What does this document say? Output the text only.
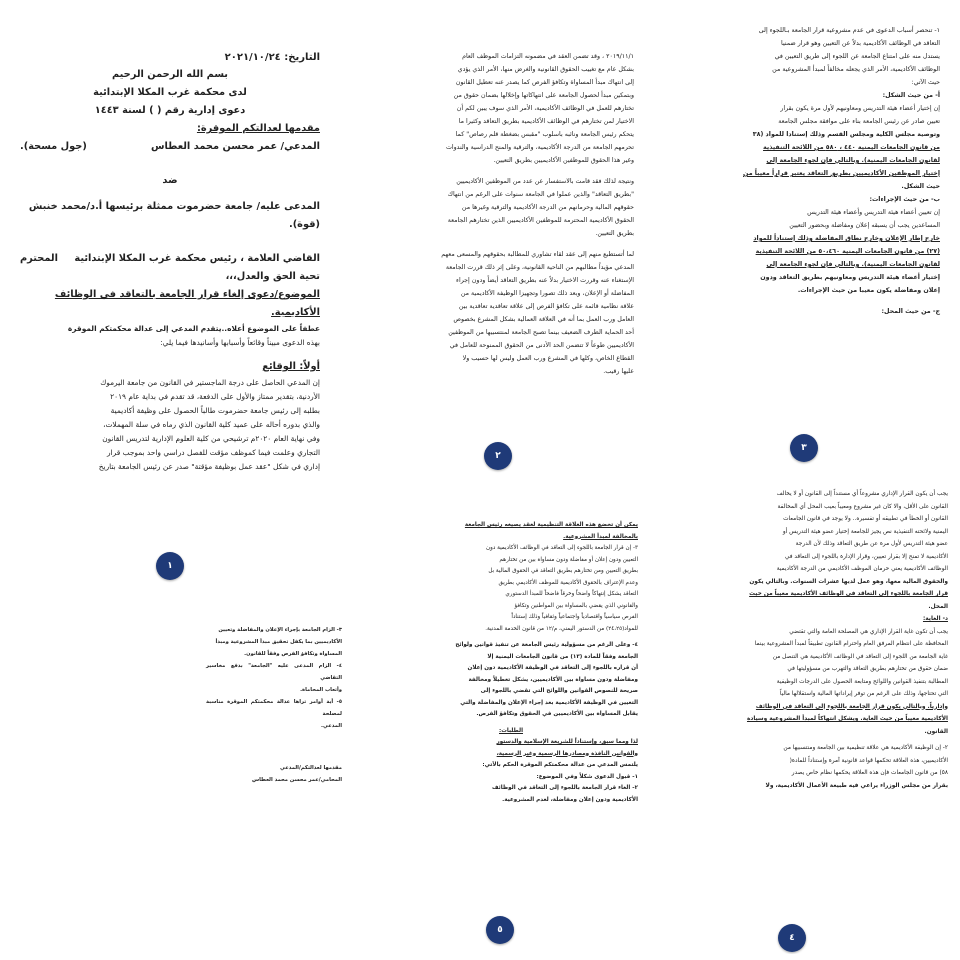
التاريخ: ٢٠٢١/١٠/٢٤

بسم الله الرحمن الرحيم

لدى محكمة غرب المكلا الإبتدائية

دعوى إدارية رقم ( ) لسنة ١٤٤٣

مقدمها لعدالتكم الموقرة:

المدعي/ عمر محسن محمد العطاس

(جول مسحة).

ضد

المدعى عليه/ جامعة حضرموت ممثلة برئيسها أ.د/محمد خنبش (قوة).

القاضي العلامة ، رئيس محكمة غرب المكلا الإبتدائية

المحترم

تحية الحق والعدل،،،

الموضوع/دعوى إلغاء قرار الجامعة بالتعاقد في الوظائف الأكاديمية.

عطفاً على الموضوع أعلاه..يتقدم المدعي إلى عدالة محكمتكم الموقرة

بهذه الدعوى مبيناً وقائعاً وأسبابها وأسانيدها فيما يلي:

أولاً: الوقائع

إن المدعي الحاصل على درجة الماجستير في القانون من جامعة اليرموك

الأردنية، بتقدير ممتاز والأول على الدفعة، قد تقدم في بداية عام ٢٠١٩

بطلبه إلى رئيس جامعة حضرموت طالباً الحصول على وظيفة أكاديمية

والذي بدوره أحاله على عميد كلية القانون الذي رماه في سلة المهملات،

وفي نهاية العام ٢٠٢٠م ترشيحي من كلية العلوم الإدارية لتدريس القانون

التجاري وعلمت فيما كموظف مؤقت للفصل دراسي واحد بموجب قرار

إداري في شكل "عقد عمل بوظيفة مؤقتة" صدر عن رئيس الجامعة بتاريخ

١

٢٠١٩/١١/١ ، وقد تضمن العقد في مضمونه التزامات الموظف العام

بشكل عام مع تغييب الحقوق القانونية والغرض منها، الأمر الذي يؤدي

إلى انتهاك مبدأ المساواة وتكافؤ الفرص كما يصدر عنه تعطيل القانون

وبتمكين مبدأ لحصول الجامعة على انتهاكاتها وإخلالها بضمان حقوق من

تختارهم للعمل في الوظائف الأكاديمية، الأمر الذي سوف يبين لكم أن

الاختيار لمن تختارهم في الوظائف الأكاديمية بطريق التعاقد وكثيرا ما

يتحكم رئيس الجامعة ونائبه باسلوب "مقبس بضغطة قلم رصاص" كما

تحرمهم الجامعة من الدرجة الأكاديمية، والترقية والمنح الدراسية والندوات

وغير هذا الحقوق للموظفين الأكاديميين بطريق التعيين.

ونتيجة لذلك فقد قامت بالاستفسار عن عدد من الموظفين الأكاديميين

"بطريق التعاقد" والذين عملوا في الجامعة سنوات على الرغم من انتهاك

حقوقهم المالية وحرمانهم من الدرجة الأكاديمية والترقية وغيرها من

الحقوق الأكاديمية المحترمة للموظفين الأكاديميين الذين تختارهم الجامعة

بطريق التعيين.

لما أتستطيع منهم إلى عقد لقاء تشاوري للمطالبة بحقوقهم والمسعى معهم

المدعي مؤيداً مطالبهم من الناحية القانونية، وعلى إثر ذلك قررت الجامعة

الإستغناء عنه وقررت الاختيار بدلاً عنه بطريق التعاقد أيضاً ودون إجراء

المفاضلة أو الإعلان، وبعد ذلك تصورا وتجهيزا الوظيفة الأكاديمية من

علاقة نظامية قائمة على تكافؤ الفرص إلى علاقة تعاقدية تعاقدية بين

العامل ورب العمل بما أنه في العلاقة العمالية بشكل المشرع بخصوص

أحد الحماية الطرف الضعيف بينما تصبح الجامعة لمنتسبيها من الموظفين

الأكاديميين طوعاً لا تتضمن الحد الأدنى من الحقوق الممنوحة للعامل في

القطاع الخاص، وكلها في المشرع ورب العمل وليس لها حسيب ولا

عليها رقيب.

٢

١- تنحصر أسباب الدعوى في عدم مشروعية قرار الجامعة بـاللجوء إلى

التعاقد في الوظائف الأكاديمية بدلاً عن التعيين وهو قرار ضمنيا

يستدل منه على امتناع الجامعة عن اللجوء إلى طريق التعيين في

الوظائف الأكاديمية، الأمر الذي يجعله مخالفاً لمبدأ المشروعية من

حيث الآتي:

أ- من حيث الشكل:

إن إختيار أعضاء هيئة التدريس ومعاونيهم لأول مرة يكون بقرار

تعيين صادر عن رئيس الجامعة بناء على موافقة مجلس الجامعة

وتوصية مجلس الكلية ومجلس القسم وذلك إستنادا للمواد (٣٨

من قانون الجامعات اليمنية ٤٤٠ ، ٥٨٠ من اللائحة التنفيذية

لقانون الجامعات اليمنية). وبالتالي فإن لجوء الجامعة إلى

إختيار الموظفين الأكاديميين بطريق التعاقد يعتبر قراراً معيباً من

حيث الشكل.

ب- من حيث الإجراءات:

إن تعيين أعضاء هيئة التدريس وأعضاء هيئة التدريس

المساعدين يجب أن يسبقه إعلان ومفاضلة وبحضور التعيين

خارج إطار الإعلان وخارج نطاق المفاضلة وذلك إستناداً للمواد

(٢٧) من قانون الجامعات اليمنية ٥٠،٤٦٠ من اللائحة التنفيذية

لقانون الجامعات اليمنية). وبالتالي فإن لجوء الجامعة إلى

إختيار أعضاء هيئة التدريس ومعاونيهم بطريق التعاقد ودون

إعلان ومفاضلة يكون معيبا من حيث الإجراءات.

ج- من حيث المحل:

٣

٣- الزام الجامعة بإجراء الإعلان والمفاضلة وتعيين

الأكاديميين بما يكفل تحقيق مبدأ المشروعية ومبدأ

المساواة وتكافؤ الفرص وفقاً للقانون.

٤- الزام المدعى عليه "الجامعة" بدفع مخاسير التقاضي

وأتعاب المحاماة.

٥- أية أوامر تراها عدالة محكمتكم الموقرة مناسبة لمصلحة

المدعي.

مقدمها لعدالتكم/المدعي

المحامي/عمر محسن محمد العطاس

يمكن أن تخضع هذه العلاقة التنظيمية لعقد يصيغه رئيس الجامعة

بالمخالفة لمبدأ المشروعية.

٣- إن قرار الجامعة باللجوء إلى التعاقد في الوظائف الأكاديمية دون

التعيين ودون إعلان أو مفاضلة ودون مساواة بين من تختارهم

بطريق التعيين ومن تختارهم بطريق التعاقد في الحقوق المالية بل

وعدم الإعتراف بالحقوق الأكاديمية للموظف الأكاديمي بطريق

التعاقد يشكل إنتهاكاً واضحاً وخرقاً فاضحاً للمبدأ الدستوري

والقانوني الذي يقضي بالمساواة بين المواطنين وتكافؤ

الفرص سياسياً واقتصادياً واجتماعياً وثقافياً وذلك إستناداً

للمواد(٢٤،٢٥) من الدستور اليمني، م/١٢ من قانون الخدمة المدنية.

٤- وعلى الرغم من مسؤولية رئيس الجامعة عن تنفيذ قوانين ولوائح

الجامعة وفقاً للمادة (١٣) من قانون الجامعات اليمنية إلا

أن قراره باللجوء إلى التعاقد في الوظيفة الأكاديمية دون إعلان

ومفاضلة ودون مساواة بين الأكاديميين، يشكل تعطيلاً ومخالفة

صريحة للنصوص القوانين واللوائح التي تقضي باللجوء إلى

التعيين في الوظيفة الأكاديمية بعد إجراء الإعلان والمفاضلة والتي

يقابل المساواة بين الأكاديميين في الحقوق وتكافؤ الفرص.

الطلبات:

لذا ومما سبق، وإستناداً للشريعة الإسلامية والدستور

والقوانين النافذة ومصادرها الرسمية وغير الرسمية،

يلتمس المدعي من عدالة محكمتكم الموقرة الحكم بالآتي:

١- قبول الدعوى شكلاً وفي الموضوع:

٢- الغاء قرار الجامعة باللجوء إلى التعاقد في الوظائف

الأكاديمية ودون إعلان ومفاضلة، لعدم المشروعية.

٥

يجب أن يكون القرار الإداري مشروعاً أي مستنداً إلى القانون أو لا يخالف

القانون على الأقل، والا كان غير مشروع ومعيباً بعيب المحل أي المخالفة

القانون أو الخطأ في تطبيقه أو تفسيره.. ولا يوجد في قانون الجامعات

اليمنية ولائحته التنفيذية نص يجيز للجامعة إختيار عضو هيئة التدريس أو

عضو هيئة التدريس لأول مرة عن طريق التعاقد وذلك لأن الدرجة

الأكاديمية لا تمنح إلا بقرار تعيين، وقرار الإدارة باللجوء إلى التعاقد في

الوظائف الأكاديمية يعني حرمان الموظف الأكاديمي من الدرجة الأكاديمية

والحقوق المالية معها، وهو عمل لديها عشرات السنوات. وبالتالي يكون

قرار الجامعة باللجوء إلى التعاقد في الوظائف الأكاديمية معيباً من حيث

المحل.

د- الغاية:

يجب أن تكون غاية القرار الإداري هي المصلحة العامة والتي تقتضي

المحافظة على انتظام المرفق العام واحترام القانون تطبيقاً لمبدأ المشروعية بينما

غاية الجامعة من اللجوء إلى التعاقد في الوظائف الأكاديمية هي التنصل من

ضمان حقوق من تختارهم بطريق التعاقد والتهرب من مسؤوليتها في

المطالبة بتنفيذ القوانين واللوائح ومتابعة الحصول على الدرجات الوظيفية

التي تحتاجها، وذلك على الرغم من توفر إيراداتها المالية واستقلالها مالياً

وإدارياً. وبالتالي يكون قرار الجامعة باللجوء إلى التعاقد في الوظائف

الأكاديمية معيباً من حيث الغاية. ويشكل انتهاكاً لمبدأ المشروعية وسيادة

القانون.

٢- إن الوظيفة الأكاديمية هي علاقة تنظيمية بين الجامعة ومنتسبيها من

الأكاديميين، هذه العلاقة تحكمها قواعد قانونية آمرة وإستناداً للمادة(

٥٨) من قانون الجامعات فإن هذه العلاقة يحكمها نظام خاص يصدر

بقرار من مجلس الوزراء يراعي فيه طبيعة الأعمال الأكاديمية، ولا

٤
